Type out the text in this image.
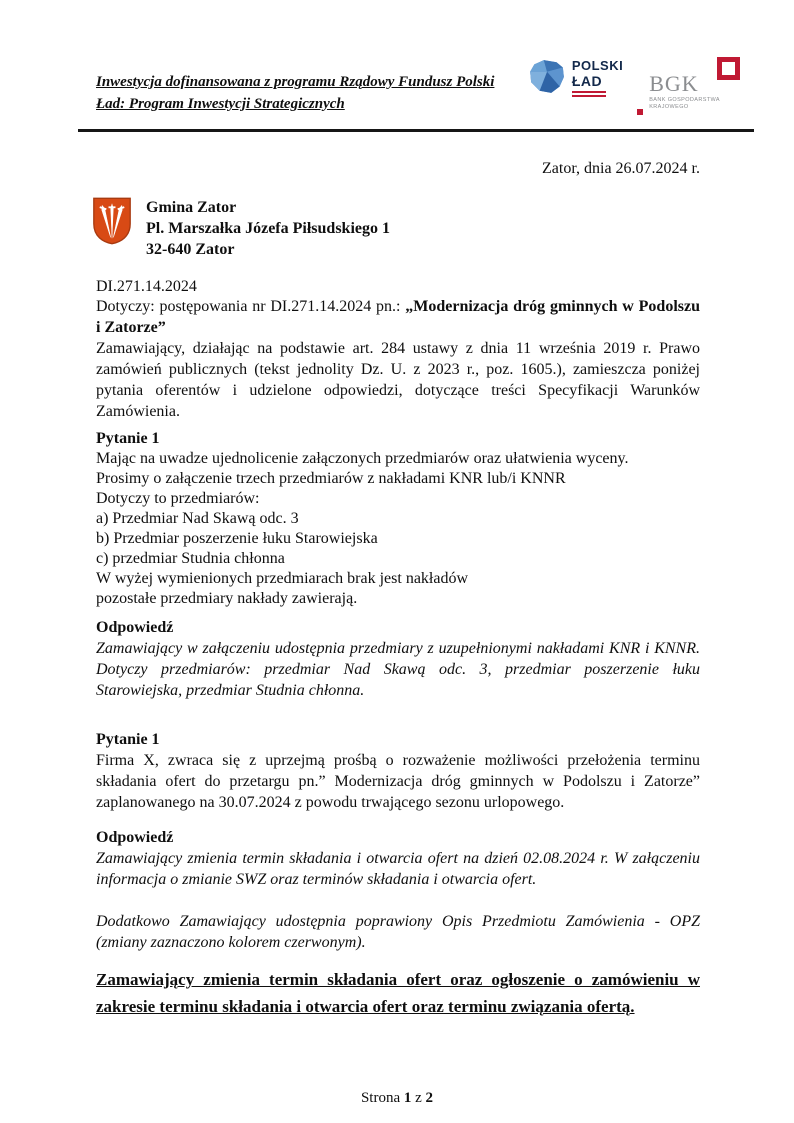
Inwestycja dofinansowana z programu Rządowy Fundusz Polski Ład: Program Inwestycji Strategicznych
POLSKI
ŁAD	BGK
BANK GOSPODARSTWA
KRAJOWEGO
Zator, dnia 26.07.2024 r.
Gmina Zator
Pl. Marszałka Józefa Piłsudskiego 1
32-640 Zator
DI.271.14.2024

Dotyczy: postępowania nr DI.271.14.2024 pn.: „Modernizacja dróg gminnych w Podolszu i Zatorze”

Zamawiający, działając na podstawie art. 284 ustawy z dnia 11 września 2019 r. Prawo zamówień publicznych (tekst jednolity Dz. U. z 2023 r., poz. 1605.), zamieszcza poniżej pytania oferentów i udzielone odpowiedzi, dotyczące treści Specyfikacji Warunków Zamówienia.

Pytanie 1
Mając na uwadze ujednolicenie załączonych przedmiarów oraz ułatwienia wyceny.
Prosimy o załączenie trzech przedmiarów z nakładami KNR lub/i KNNR
Dotyczy to przedmiarów:
a) Przedmiar Nad Skawą odc. 3
b) Przedmiar poszerzenie łuku Starowiejska
c) przedmiar Studnia chłonna
W wyżej wymienionych przedmiarach brak jest nakładów
pozostałe przedmiary nakłady zawierają.
Odpowiedź

Zamawiający w załączeniu udostępnia przedmiary z uzupełnionymi nakładami KNR i KNNR. Dotyczy przedmiarów: przedmiar Nad Skawą odc. 3, przedmiar poszerzenie łuku Starowiejska, przedmiar Studnia chłonna.

Pytanie 1

Firma X, zwraca się z uprzejmą prośbą o rozważenie możliwości przełożenia terminu składania ofert do przetargu pn.” Modernizacja dróg gminnych w Podolszu i Zatorze” zaplanowanego na 30.07.2024 z powodu trwającego sezonu urlopowego.

Odpowiedź

Zamawiający zmienia termin składania i otwarcia ofert na dzień 02.08.2024 r. W załączeniu informacja o zmianie SWZ oraz terminów składania i otwarcia ofert.

Dodatkowo Zamawiający udostępnia poprawiony Opis Przedmiotu Zamówienia - OPZ (zmiany zaznaczono kolorem czerwonym).

Zamawiający zmienia termin składania ofert oraz ogłoszenie o zamówieniu w zakresie terminu składania i otwarcia ofert oraz terminu związania ofertą.

Strona 1 z 2
